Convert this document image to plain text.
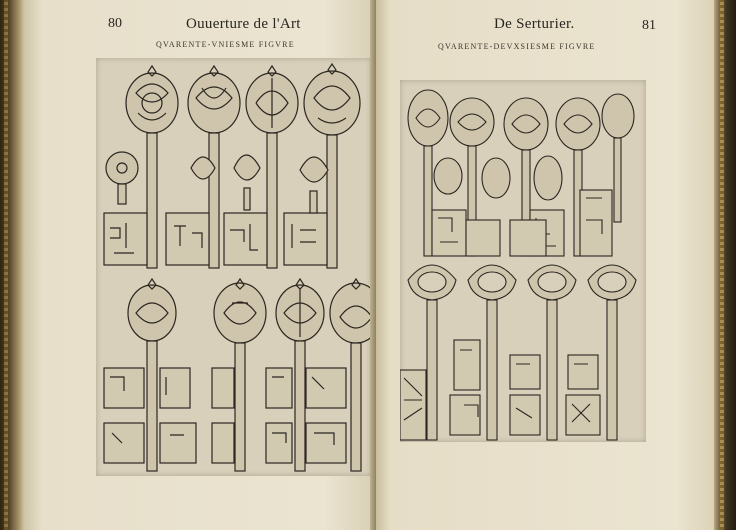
80	Ouuerture de l'Art
QVARENTE-VNIESME FIGVRE
De Serturier.	81
QVARENTE-DEVXSIESME FIGVRE
